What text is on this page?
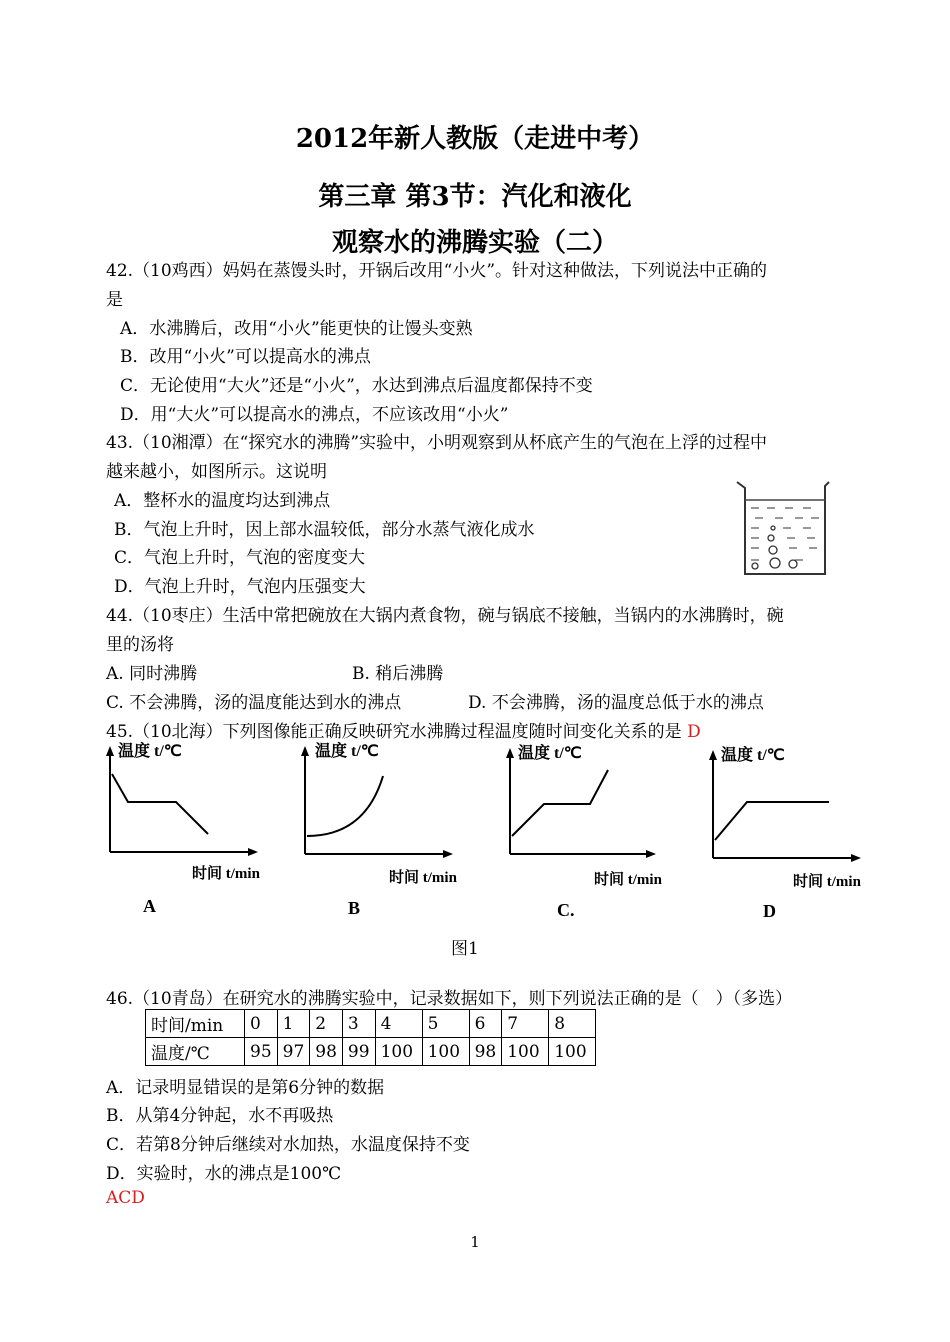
2012年新人教版（走进中考）
第三章 第3节：汽化和液化
观察水的沸腾实验（二）
42.（10鸡西）妈妈在蒸馒头时，开锅后改用“小火”。针对这种做法，下列说法中正确的
是
A．水沸腾后，改用“小火”能更快的让馒头变熟
B．改用“小火”可以提高水的沸点
C．无论使用“大火”还是“小火”，水达到沸点后温度都保持不变
D．用“大火”可以提高水的沸点，不应该改用“小火”
43.（10湘潭）在“探究水的沸腾”实验中，小明观察到从杯底产生的气泡在上浮的过程中
越来越小，如图所示。这说明
A．整杯水的温度均达到沸点
B．气泡上升时，因上部水温较低，部分水蒸气液化成水
C．气泡上升时，气泡的密度变大
D．气泡上升时，气泡内压强变大
44.（10枣庄）生活中常把碗放在大锅内煮食物，碗与锅底不接触，当锅内的水沸腾时，碗
里的汤将
A. 同时沸腾	B. 稍后沸腾
C. 不会沸腾，汤的温度能达到水的沸点	D. 不会沸腾，汤的温度总低于水的沸点
45.（10北海）下列图像能正确反映研究水沸腾过程温度随时间变化关系的是 D
温度 t/℃
时间 t/min
A
温度 t/℃
时间 t/min
B
温度 t/℃
时间 t/min
C.
温度 t/℃
时间 t/min
D
图1
46.（10青岛）在研究水的沸腾实验中，记录数据如下，则下列说法正确的是（　）（多选）
时间/min	0	1	2	3	4	5	6	7	8
温度/℃	95	97	98	99	100	100	98	100	100
A．记录明显错误的是第6分钟的数据
B．从第4分钟起，水不再吸热
C．若第8分钟后继续对水加热，水温度保持不变
D．实验时，水的沸点是100℃
ACD
1
